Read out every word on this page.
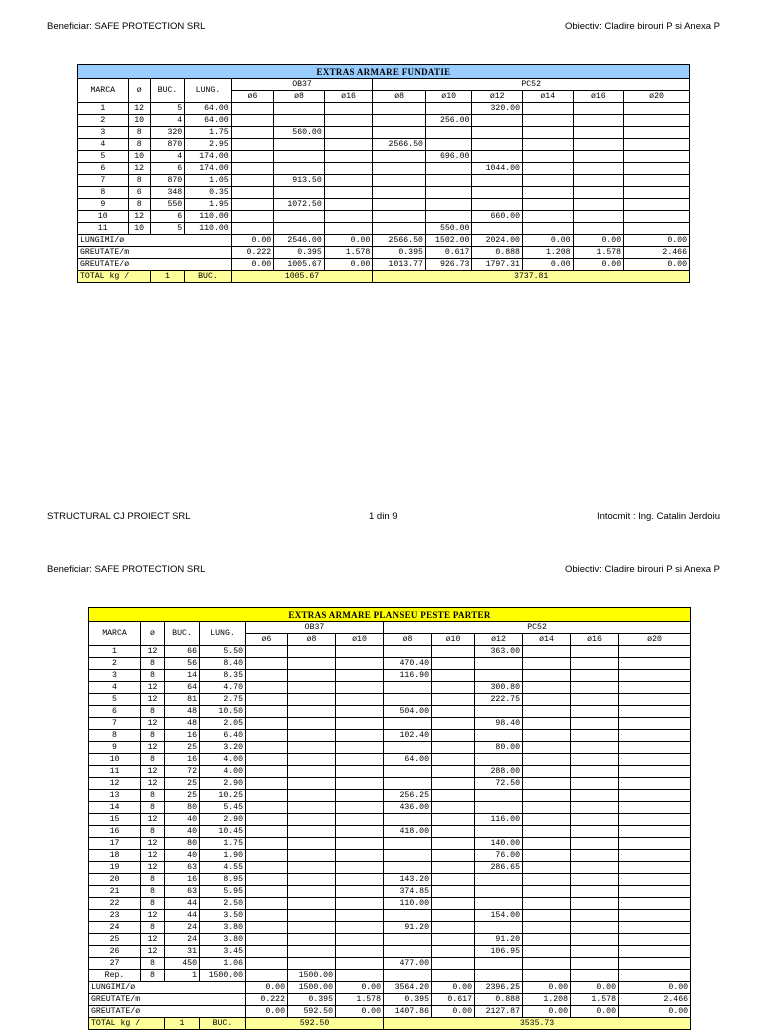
Beneficiar: SAFE PROTECTION SRL	Obiectiv: Cladire birouri P si Anexa P
EXTRAS ARMARE FUNDATIE												
MARCA	ø	BUC.	LUNG.	OB37			PC52					
				ø6	ø8	ø16	ø8	ø10	ø12	ø14	ø16	ø20
1	12	5	64.00						320.00			
2	10	4	64.00					256.00				
3	8	320	1.75		560.00							
4	8	870	2.95				2566.50					
5	10	4	174.00					696.00				
6	12	6	174.00						1044.00			
7	8	870	1.05		913.50							
8	6	348	0.35									
9	8	550	1.95		1072.50							
10	12	6	110.00						660.00			
11	10	5	110.00					550.00				
LUNGIMI/ø				0.00	2546.00	0.00	2566.50	1502.00	2024.00	0.00	0.00	0.00
GREUTATE/m				0.222	0.395	1.578	0.395	0.617	0.888	1.208	1.578	2.466
GREUTATE/ø				0.00	1005.67	0.00	1013.77	926.73	1797.31	0.00	0.00	0.00
TOTAL kg /		1	BUC.	1005.67			3737.81					
STRUCTURAL CJ PROIECT SRL	1 din 9	Intocmit : Ing. Catalin Jerdoiu
Beneficiar: SAFE PROTECTION SRL	Obiectiv: Cladire birouri P si Anexa P
EXTRAS ARMARE PLANSEU PESTE PARTER												
MARCA	ø	BUC.	LUNG.	OB37			PC52					
				ø6	ø8	ø10	ø8	ø10	ø12	ø14	ø16	ø20
1	12	66	5.50						363.00			
2	8	56	8.40				470.40					
3	8	14	8.35				116.90					
4	12	64	4.70						300.80			
5	12	81	2.75						222.75			
6	8	48	10.50				504.00					
7	12	48	2.05						98.40			
8	8	16	6.40				102.40					
9	12	25	3.20						80.00			
10	8	16	4.00				64.00					
11	12	72	4.00						288.00			
12	12	25	2.90						72.50			
13	8	25	10.25				256.25					
14	8	80	5.45				436.00					
15	12	40	2.90						116.00			
16	8	40	10.45				418.00					
17	12	80	1.75						140.00			
18	12	40	1.90						76.00			
19	12	63	4.55						286.65			
20	8	16	8.95				143.20					
21	8	63	5.95				374.85					
22	8	44	2.50				110.00					
23	12	44	3.50						154.00			
24	8	24	3.80				91.20					
25	12	24	3.80						91.20			
26	12	31	3.45						106.95			
27	8	450	1.06				477.00					
Rep.	8	1	1500.00		1500.00							
LUNGIMI/ø				0.00	1500.00	0.00	3564.20	0.00	2396.25	0.00	0.00	0.00
GREUTATE/m				0.222	0.395	1.578	0.395	0.617	0.888	1.208	1.578	2.466
GREUTATE/ø				0.00	592.50	0.00	1407.86	0.00	2127.87	0.00	0.00	0.00
TOTAL kg /		1	BUC.	592.50			3535.73					
